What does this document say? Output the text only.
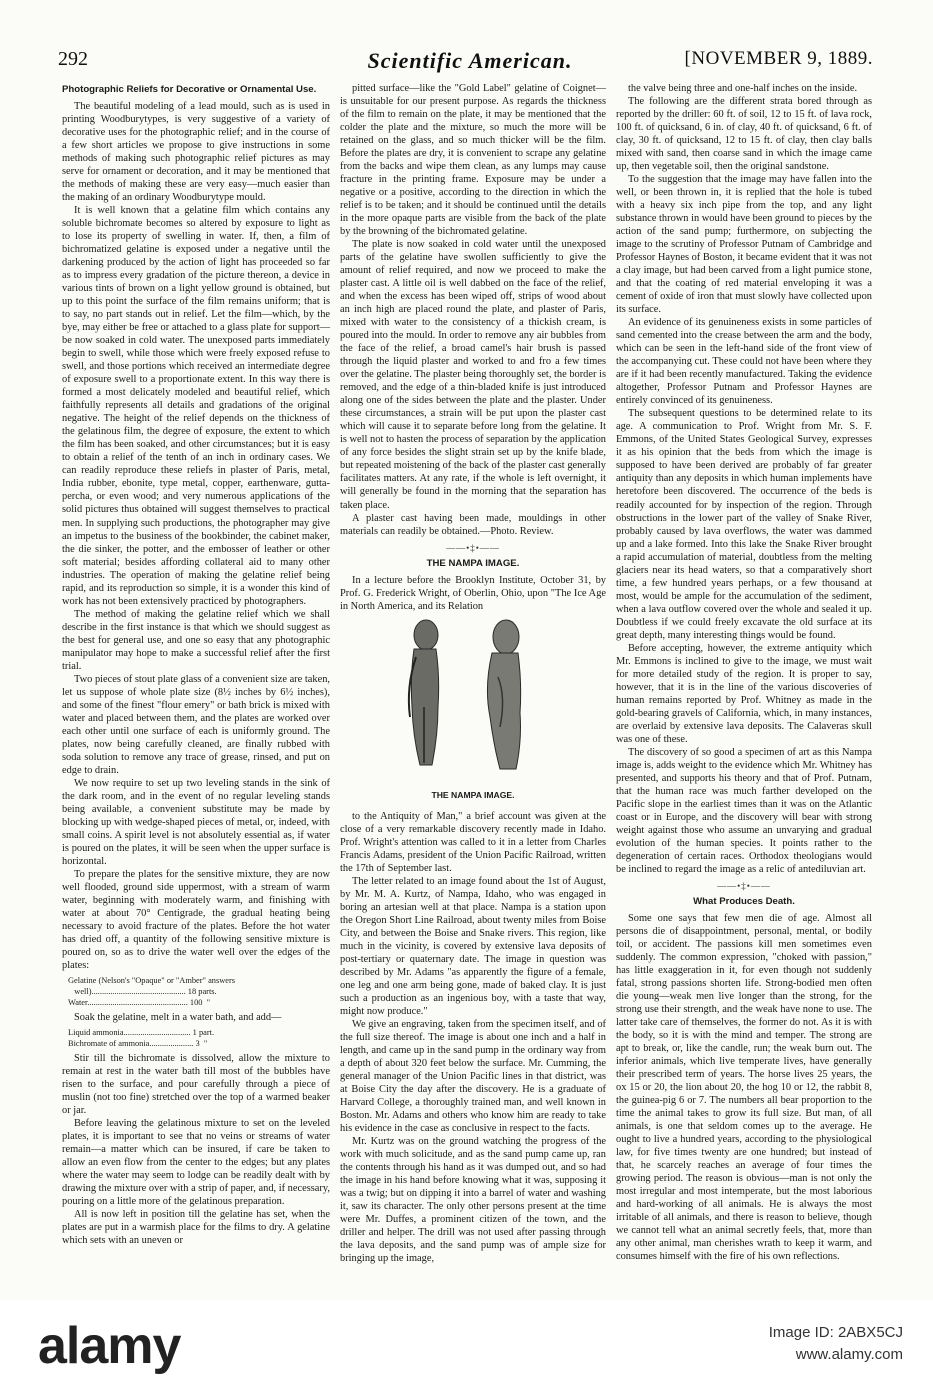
292	Scientific American.	[NOVEMBER 9, 1889.
Photographic Reliefs for Decorative or Ornamental Use.

The beautiful modeling of a lead mould, such as is used in printing Woodburytypes, is very suggestive of a variety of decorative uses for the photographic relief; and in the course of a few short articles we propose to give instructions in some methods of making such photographic relief pictures as may serve for ornament or decoration, and it may be mentioned that the methods of making these are very easy—much easier than the making of an ordinary Woodburytype mould.

It is well known that a gelatine film which contains any soluble bichromate becomes so altered by exposure to light as to lose its property of swelling in water. If, then, a film of bichromatized gelatine is exposed under a negative until the darkening produced by the action of light has proceeded so far as to impress every gradation of the picture thereon, a device in various tints of brown on a light yellow ground is obtained, but up to this point the surface of the film remains uniform; that is to say, no part stands out in relief. Let the film—which, by the bye, may either be free or attached to a glass plate for support—be now soaked in cold water. The unexposed parts immediately begin to swell, while those which were freely exposed refuse to swell, and those portions which received an intermediate degree of exposure swell to a proportionate extent. In this way there is formed a most delicately modeled and beautiful relief, which faithfully represents all details and gradations of the original negative. The height of the relief depends on the thickness of the gelatinous film, the degree of exposure, the extent to which the film has been soaked, and other circumstances; but it is easy to obtain a relief of the tenth of an inch in ordinary cases. We can readily reproduce these reliefs in plaster of Paris, metal, India rubber, ebonite, type metal, copper, earthenware, gutta-percha, or even wood; and very numerous applications of the solid pictures thus obtained will suggest themselves to practical men. In supplying such productions, the photographer may give an impetus to the business of the bookbinder, the cabinet maker, the die sinker, the potter, and the embosser of leather or other soft material; besides affording collateral aid to many other industries. The operation of making the gelatine relief being rapid, and its reproduction so simple, it is a wonder this kind of work has not been extensively practiced by photographers.

The method of making the gelatine relief which we shall describe in the first instance is that which we should suggest as the best for general use, and one so easy that any photographic manipulator may hope to make a successful relief after the first trial.

Two pieces of stout plate glass of a convenient size are taken, let us suppose of whole plate size (8½ inches by 6½ inches), and some of the finest "flour emery" or bath brick is mixed with water and placed between them, and the plates are worked over each other until one surface of each is uniformly ground. The plates, now being carefully cleaned, are finally rubbed with soda solution to remove any trace of grease, rinsed, and put on edge to drain.

We now require to set up two leveling stands in the sink of the dark room, and in the event of no regular leveling stands being available, a convenient substitute may be made by blocking up with wedge-shaped pieces of metal, or, indeed, with small coins. A spirit level is not absolutely essential as, if water is poured on the plates, it will be seen when the upper surface is horizontal.

To prepare the plates for the sensitive mixture, they are now well flooded, ground side uppermost, with a stream of warm water, beginning with moderately warm, and finishing with water at about 70° Centigrade, the gradual heating being necessary to avoid fracture of the plates. Before the hot water has dried off, a quantity of the following sensitive mixture is poured on, so as to drive the water well over the edges of the plates:

Gelatine (Nelson's "Opaque" or "Amber" answers
well)............................................. 18 parts.
Water................................................ 100  "

Soak the gelatine, melt in a water bath, and add—

Liquid ammonia................................ 1 part.
Bichromate of ammonia..................... 3  "

Stir till the bichromate is dissolved, allow the mixture to remain at rest in the water bath till most of the bubbles have risen to the surface, and pour carefully through a piece of muslin (not too fine) stretched over the top of a warmed beaker or jar.

Before leaving the gelatinous mixture to set on the leveled plates, it is important to see that no veins or streams of water remain—a matter which can be insured, if care be taken to allow an even flow from the center to the edges; but any plates where the water may seem to lodge can be readily dealt with by drawing the mixture over with a strip of paper, and, if necessary, pouring on a little more of the gelatinous preparation.

All is now left in position till the gelatine has set, when the plates are put in a warmish place for the films to dry. A gelatine which sets with an uneven or

pitted surface—like the "Gold Label" gelatine of Coignet—is unsuitable for our present purpose. As regards the thickness of the film to remain on the plate, it may be mentioned that the colder the plate and the mixture, so much the more will be retained on the glass, and so much thicker will be the film. Before the plates are dry, it is convenient to scrape any gelatine from the backs and wipe them clean, as any lumps may cause fracture in the printing frame. Exposure may be under a negative or a positive, according to the direction in which the relief is to be taken; and it should be continued until the details in the more opaque parts are visible from the back of the plate by the browning of the bichromated gelatine.

The plate is now soaked in cold water until the unexposed parts of the gelatine have swollen sufficiently to give the amount of relief required, and now we proceed to make the plaster cast. A little oil is well dabbed on the face of the relief, and when the excess has been wiped off, strips of wood about an inch high are placed round the plate, and plaster of Paris, mixed with water to the consistency of a thickish cream, is poured into the mould. In order to remove any air bubbles from the face of the relief, a broad camel's hair brush is passed through the liquid plaster and worked to and fro a few times over the gelatine. The plaster being thoroughly set, the border is removed, and the edge of a thin-bladed knife is just introduced along one of the sides between the plate and the plaster. Under these circumstances, a strain will be put upon the plaster cast which will cause it to separate before long from the gelatine. It is well not to hasten the process of separation by the application of any force besides the slight strain set up by the knife blade, but repeated moistening of the back of the plaster cast generally facilitates matters. At any rate, if the whole is left overnight, it will generally be found in the morning that the separation has taken place.

A plaster cast having been made, mouldings in other materials can readily be obtained.—Photo. Review.

——•‡•——
THE NAMPA IMAGE.

In a lecture before the Brooklyn Institute, October 31, by Prof. G. Frederick Wright, of Oberlin, Ohio, upon "The Ice Age in North America, and its Relation

THE NAMPA IMAGE.

to the Antiquity of Man," a brief account was given at the close of a very remarkable discovery recently made in Idaho. Prof. Wright's attention was called to it in a letter from Charles Francis Adams, president of the Union Pacific Railroad, written the 17th of September last.

The letter related to an image found about the 1st of August, by Mr. M. A. Kurtz, of Nampa, Idaho, who was engaged in boring an artesian well at that place. Nampa is a station upon the Oregon Short Line Railroad, about twenty miles from Boise City, and between the Boise and Snake rivers. This region, like much in the vicinity, is covered by extensive lava deposits of post-tertiary or quaternary date. The image in question was described by Mr. Adams "as apparently the figure of a female, one leg and one arm being gone, made of baked clay. It is just such a production as an ingenious boy, with a taste that way, might now produce."

We give an engraving, taken from the specimen itself, and of the full size thereof. The image is about one inch and a half in length, and came up in the sand pump in the ordinary way from a depth of about 320 feet below the surface. Mr. Cumming, the general manager of the Union Pacific lines in that district, was at Boise City the day after the discovery. He is a graduate of Harvard College, a thoroughly trained man, and well known in Boston. Mr. Adams and others who know him are ready to take his evidence in the case as conclusive in respect to the facts.

Mr. Kurtz was on the ground watching the progress of the work with much solicitude, and as the sand pump came up, ran the contents through his hand as it was dumped out, and so had the image in his hand before knowing what it was, supposing it was a twig; but on dipping it into a barrel of water and washing it, saw its character. The only other persons present at the time were Mr. Duffes, a prominent citizen of the town, and the driller and helper. The drill was not used after passing through the lava deposits, and the sand pump was of ample size for bringing up the image,

the valve being three and one-half inches on the inside.

The following are the different strata bored through as reported by the driller: 60 ft. of soil, 12 to 15 ft. of lava rock, 100 ft. of quicksand, 6 in. of clay, 40 ft. of quicksand, 6 ft. of clay, 30 ft. of quicksand, 12 to 15 ft. of clay, then clay balls mixed with sand, then coarse sand in which the image came up, then vegetable soil, then the original sandstone.

To the suggestion that the image may have fallen into the well, or been thrown in, it is replied that the hole is tubed with a heavy six inch pipe from the top, and any light substance thrown in would have been ground to pieces by the action of the sand pump; furthermore, on subjecting the image to the scrutiny of Professor Putnam of Cambridge and Professor Haynes of Boston, it became evident that it was not a clay image, but had been carved from a light pumice stone, and that the coating of red material enveloping it was a cement of oxide of iron that must slowly have collected upon its surface.

An evidence of its genuineness exists in some particles of sand cemented into the crease between the arm and the body, which can be seen in the left-hand side of the front view of the accompanying cut. These could not have been where they are if it had been recently manufactured. Taking the evidence altogether, Professor Putnam and Professor Haynes are entirely convinced of its genuineness.

The subsequent questions to be determined relate to its age. A communication to Prof. Wright from Mr. S. F. Emmons, of the United States Geological Survey, expresses it as his opinion that the beds from which the image is supposed to have been derived are probably of far greater antiquity than any deposits in which human implements have heretofore been discovered. The occurrence of the beds is readily accounted for by inspection of the region. Through obstructions in the lower part of the valley of Snake River, probably caused by lava overflows, the water was dammed up and a lake formed. Into this lake the Snake River brought a rapid accumulation of material, doubtless from the melting glaciers near its head waters, so that a comparatively short time, a few hundred years perhaps, or a few thousand at most, would be ample for the accumulation of the sediment, when a lava outflow covered over the whole and sealed it up. Doubtless if we could freely excavate the old surface at its great depth, many interesting things would be found.

Before accepting, however, the extreme antiquity which Mr. Emmons is inclined to give to the image, we must wait for more detailed study of the region. It is proper to say, however, that it is in the line of the various discoveries of human remains reported by Prof. Whitney as made in the gold-bearing gravels of California, which, in many instances, are overlaid by extensive lava deposits. The Calaveras skull was one of these.

The discovery of so good a specimen of art as this Nampa image is, adds weight to the evidence which Mr. Whitney has presented, and supports his theory and that of Prof. Putnam, that the human race was much farther developed on the Pacific slope in the earliest times than it was on the Atlantic coast or in Europe, and the discovery will bear with strong weight against those who assume an unvarying and gradual evolution of the human species. It points rather to the degeneration of certain races. Orthodox theologians would be inclined to regard the image as a relic of antediluvian art.

——•‡•——
What Produces Death.

Some one says that few men die of age. Almost all persons die of disappointment, personal, mental, or bodily toil, or accident. The passions kill men sometimes even suddenly. The common expression, "choked with passion," has little exaggeration in it, for even though not suddenly fatal, strong passions shorten life. Strong-bodied men often die young—weak men live longer than the strong, for the strong use their strength, and the weak have none to use. The latter take care of themselves, the former do not. As it is with the body, so it is with the mind and temper. The strong are apt to break, or, like the candle, run; the weak burn out. The inferior animals, which live temperate lives, have generally their prescribed term of years. The horse lives 25 years, the ox 15 or 20, the lion about 20, the hog 10 or 12, the rabbit 8, the guinea-pig 6 or 7. The numbers all bear proportion to the time the animal takes to grow its full size. But man, of all animals, is one that seldom comes up to the average. He ought to live a hundred years, according to the physiological law, for five times twenty are one hundred; but instead of that, he scarcely reaches an average of four times the growing period. The reason is obvious—man is not only the most irregular and most intemperate, but the most laborious and hard-working of all animals. He is always the most irritable of all animals, and there is reason to believe, though we cannot tell what an animal secretly feels, that, more than any other animal, man cherishes wrath to keep it warm, and consumes himself with the fire of his own reflections.

alamy	Image ID: 2ABX5CJ
www.alamy.com
